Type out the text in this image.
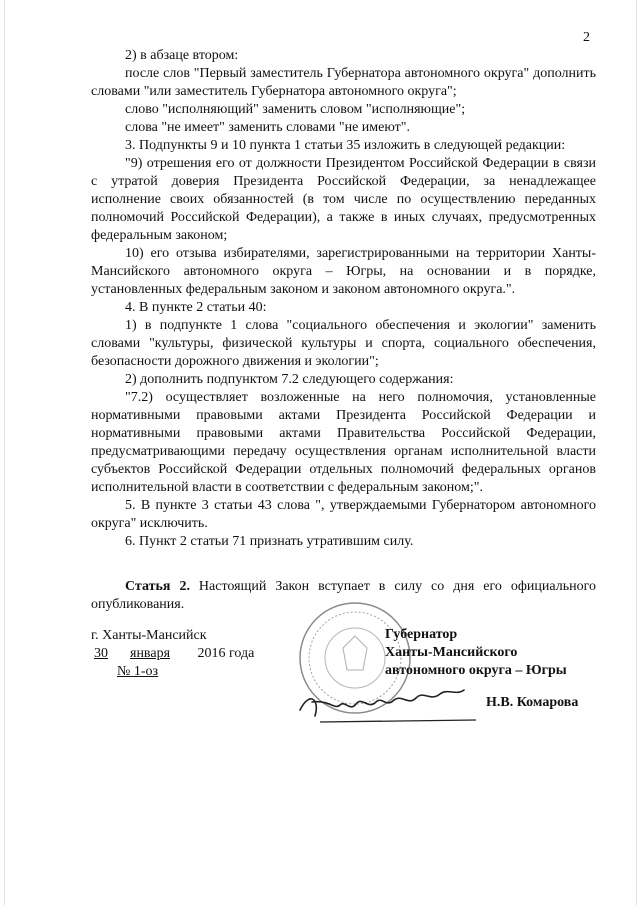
2

2) в абзаце втором:

после слов "Первый заместитель Губернатора автономного округа" дополнить словами "или заместитель Губернатора автономного округа";

слово "исполняющий" заменить словом "исполняющие";

слова "не имеет" заменить словами "не имеют".

3. Подпункты 9 и 10 пункта 1 статьи 35 изложить в следующей редакции:

"9) отрешения его от должности Президентом Российской Федерации в связи с утратой доверия Президента Российской Федерации, за ненадлежащее исполнение своих обязанностей (в том числе по осуществлению переданных полномочий Российской Федерации), а также в иных случаях, предусмотренных федеральным законом;

10) его отзыва избирателями, зарегистрированными на территории Ханты-Мансийского автономного округа – Югры, на основании и в порядке, установленных федеральным законом и законом автономного округа.".

4. В пункте 2 статьи 40:

1) в подпункте 1 слова "социального обеспечения и экологии" заменить словами "культуры, физической культуры и спорта, социального обеспечения, безопасности дорожного движения и экологии";

2) дополнить подпунктом 7.2 следующего содержания:

"7.2) осуществляет возложенные на него полномочия, установленные нормативными правовыми актами Президента Российской Федерации и нормативными правовыми актами Правительства Российской Федерации, предусматривающими передачу осуществления органам исполнительной власти субъектов Российской Федерации отдельных полномочий федеральных органов исполнительной власти в соответствии с федеральным законом;".

5. В пункте 3 статьи 43 слова ", утверждаемыми Губернатором автономного округа" исключить.

6. Пункт 2 статьи 71 признать утратившим силу.

Статья 2. Настоящий Закон вступает в силу со дня его официального опубликования.

г. Ханты-Мансийск
30 января 2016 года
№ 1-оз
Губернатор
Ханты-Мансийского
автономного округа – Югры
Н.В. Комарова
